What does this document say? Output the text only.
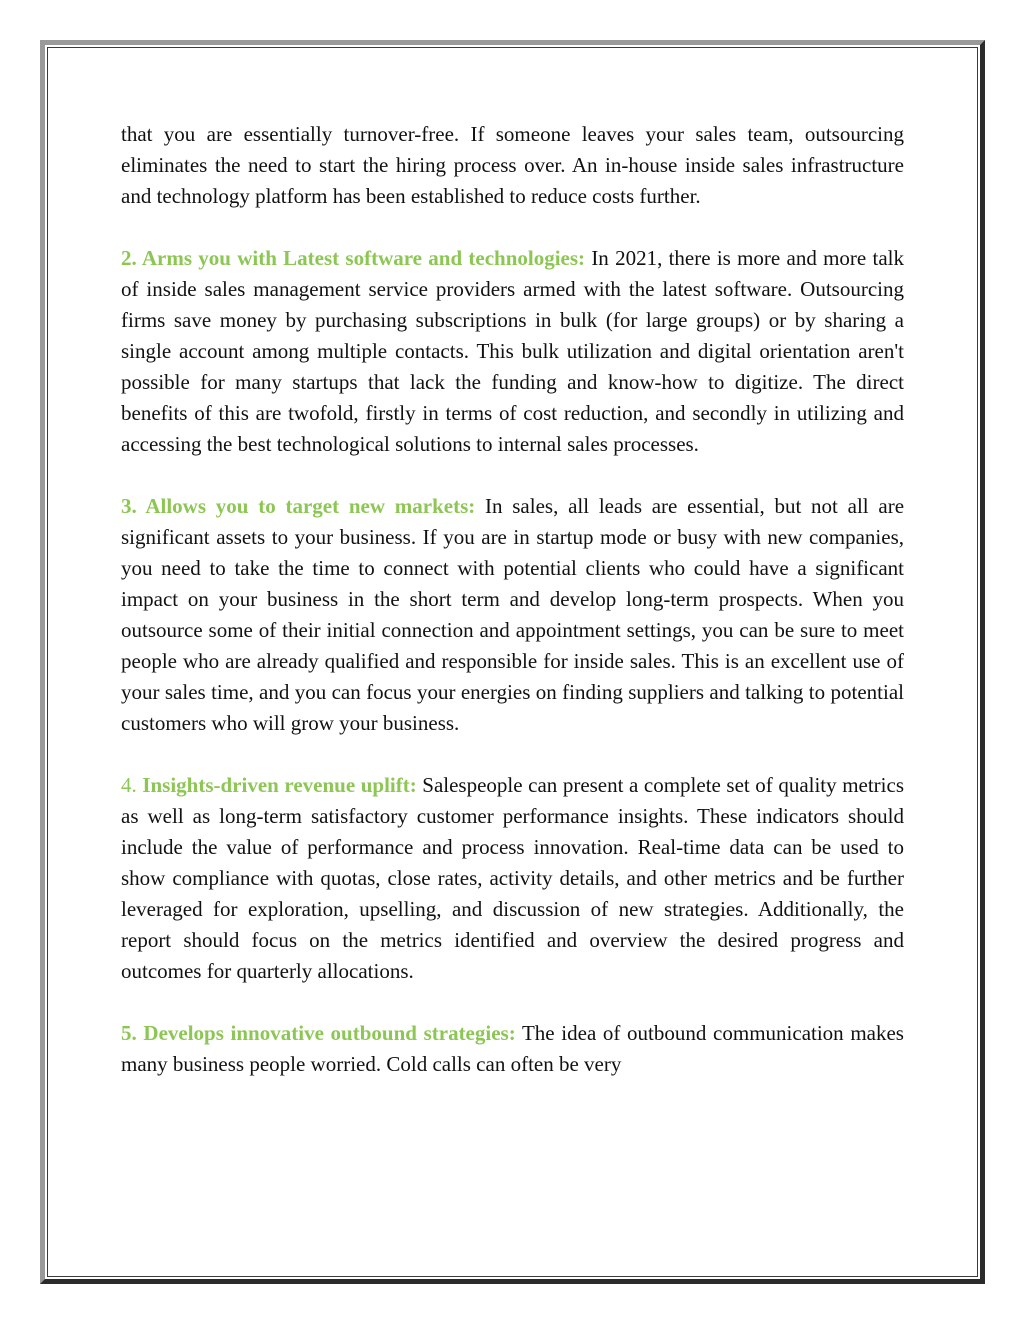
that you are essentially turnover-free. If someone leaves your sales team, outsourcing eliminates the need to start the hiring process over. An in-house inside sales infrastructure and technology platform has been established to reduce costs further.

2. Arms you with Latest software and technologies: In 2021, there is more and more talk of inside sales management service providers armed with the latest software. Outsourcing firms save money by purchasing subscriptions in bulk (for large groups) or by sharing a single account among multiple contacts. This bulk utilization and digital orientation aren't possible for many startups that lack the funding and know-how to digitize. The direct benefits of this are twofold, firstly in terms of cost reduction, and secondly in utilizing and accessing the best technological solutions to internal sales processes.

3. Allows you to target new markets: In sales, all leads are essential, but not all are significant assets to your business. If you are in startup mode or busy with new companies, you need to take the time to connect with potential clients who could have a significant impact on your business in the short term and develop long-term prospects. When you outsource some of their initial connection and appointment settings, you can be sure to meet people who are already qualified and responsible for inside sales. This is an excellent use of your sales time, and you can focus your energies on finding suppliers and talking to potential customers who will grow your business.

4. Insights-driven revenue uplift: Salespeople can present a complete set of quality metrics as well as long-term satisfactory customer performance insights. These indicators should include the value of performance and process innovation. Real-time data can be used to show compliance with quotas, close rates, activity details, and other metrics and be further leveraged for exploration, upselling, and discussion of new strategies. Additionally, the report should focus on the metrics identified and overview the desired progress and outcomes for quarterly allocations.

5. Develops innovative outbound strategies: The idea of outbound communication makes many business people worried. Cold calls can often be very
